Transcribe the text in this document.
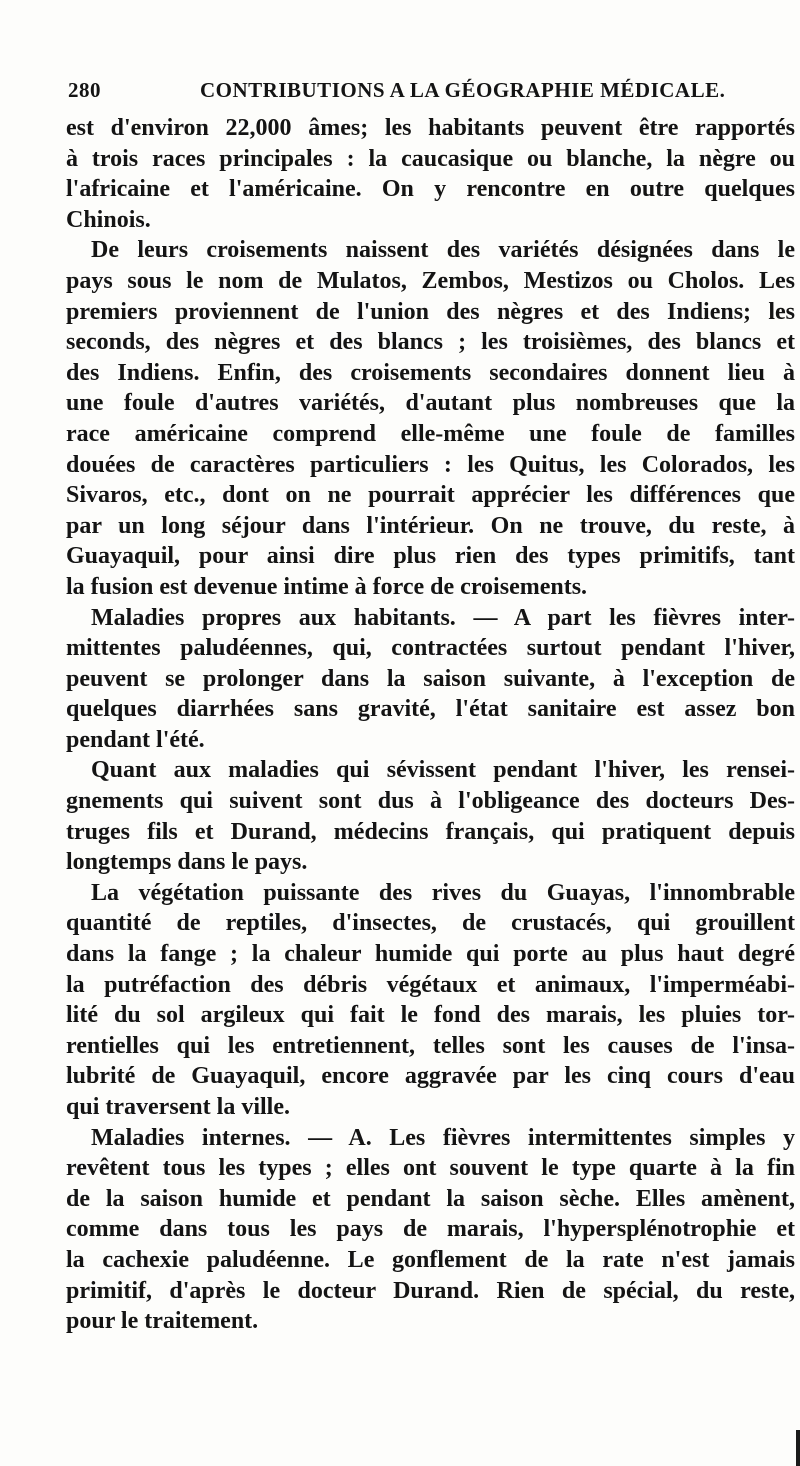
280	CONTRIBUTIONS A LA GÉOGRAPHIE MÉDICALE.
est d'environ 22,000 âmes; les habitants peuvent être rapportés
à trois races principales : la caucasique ou blanche, la nègre ou
l'africaine et l'américaine. On y rencontre en outre quelques
Chinois.
De leurs croisements naissent des variétés désignées dans le
pays sous le nom de Mulatos, Zembos, Mestizos ou Cholos. Les
premiers proviennent de l'union des nègres et des Indiens; les
seconds, des nègres et des blancs ; les troisièmes, des blancs et
des Indiens. Enfin, des croisements secondaires donnent lieu à
une foule d'autres variétés, d'autant plus nombreuses que la
race américaine comprend elle-même une foule de familles
douées de caractères particuliers : les Quitus, les Colorados, les
Sivaros, etc., dont on ne pourrait apprécier les différences que
par un long séjour dans l'intérieur. On ne trouve, du reste, à
Guayaquil, pour ainsi dire plus rien des types primitifs, tant
la fusion est devenue intime à force de croisements.
Maladies propres aux habitants. — A part les fièvres inter-
mittentes paludéennes, qui, contractées surtout pendant l'hiver,
peuvent se prolonger dans la saison suivante, à l'exception de
quelques diarrhées sans gravité, l'état sanitaire est assez bon
pendant l'été.
Quant aux maladies qui sévissent pendant l'hiver, les rensei-
gnements qui suivent sont dus à l'obligeance des docteurs Des-
truges fils et Durand, médecins français, qui pratiquent depuis
longtemps dans le pays.
La végétation puissante des rives du Guayas, l'innombrable
quantité de reptiles, d'insectes, de crustacés, qui grouillent
dans la fange ; la chaleur humide qui porte au plus haut degré
la putréfaction des débris végétaux et animaux, l'imperméabi-
lité du sol argileux qui fait le fond des marais, les pluies tor-
rentielles qui les entretiennent, telles sont les causes de l'insa-
lubrité de Guayaquil, encore aggravée par les cinq cours d'eau
qui traversent la ville.
Maladies internes. — A. Les fièvres intermittentes simples y
revêtent tous les types ; elles ont souvent le type quarte à la fin
de la saison humide et pendant la saison sèche. Elles amènent,
comme dans tous les pays de marais, l'hypersplénotrophie et
la cachexie paludéenne. Le gonflement de la rate n'est jamais
primitif, d'après le docteur Durand. Rien de spécial, du reste,
pour le traitement.
